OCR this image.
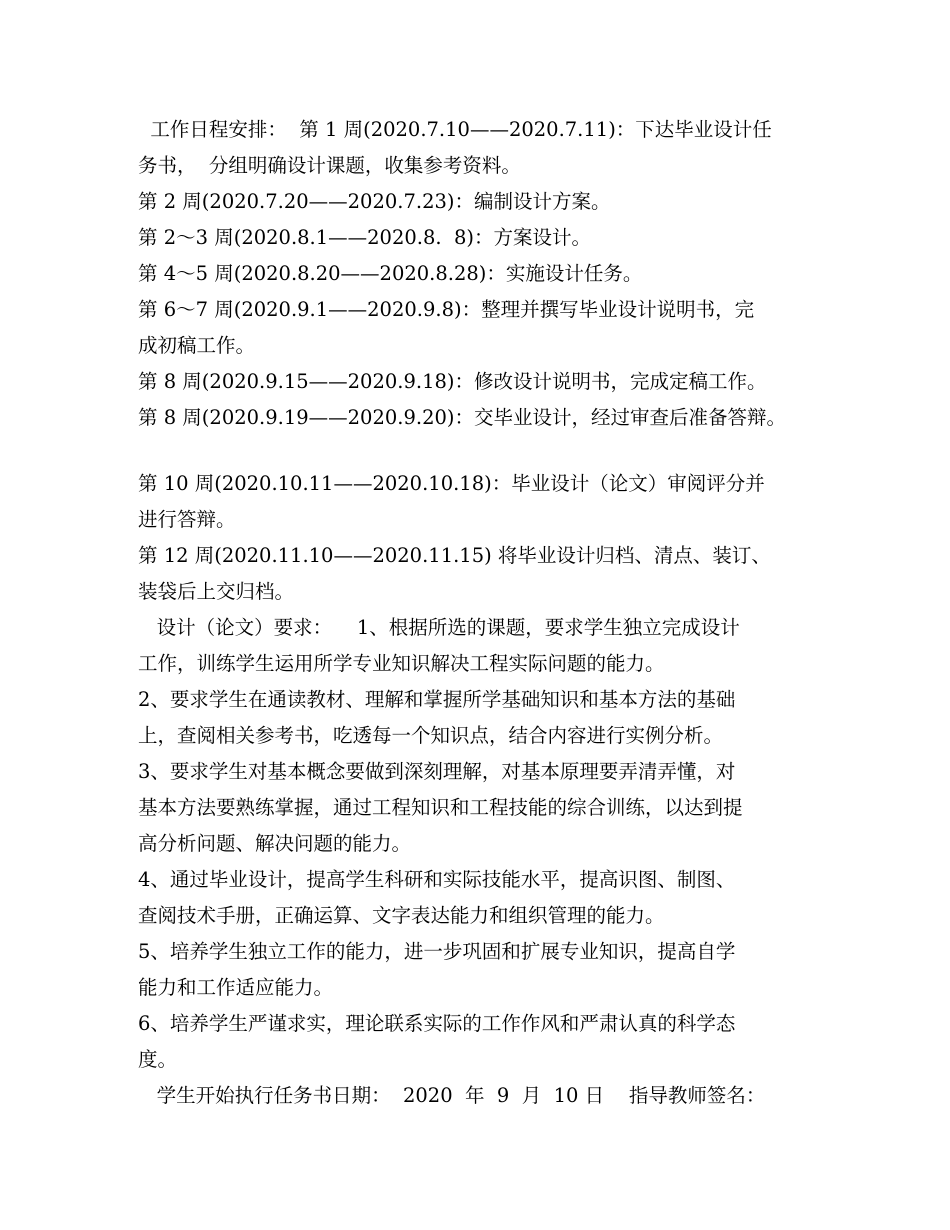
工作日程安排：  第 1 周(2020.7.10——2020.7.11)：下达毕业设计任
务书，  分组明确设计课题，收集参考资料。
第 2 周(2020.7.20——2020.7.23)：编制设计方案。
第 2～3 周(2020.8.1——2020.8.  8)：方案设计。
第 4～5 周(2020.8.20——2020.8.28)：实施设计任务。
第 6～7 周(2020.9.1——2020.9.8)：整理并撰写毕业设计说明书，完
成初稿工作。
第 8 周(2020.9.15——2020.9.18)：修改设计说明书，完成定稿工作。
第 8 周(2020.9.19——2020.9.20)：交毕业设计，经过审查后准备答辩。
第 10 周(2020.10.11——2020.10.18)：毕业设计（论文）审阅评分并
进行答辩。
第 12 周(2020.11.10——2020.11.15) 将毕业设计归档、清点、装订、
装袋后上交归档。
设计（论文）要求：    1、根据所选的课题，要求学生独立完成设计
工作，训练学生运用所学专业知识解决工程实际问题的能力。
2、要求学生在通读教材、理解和掌握所学基础知识和基本方法的基础
上，查阅相关参考书，吃透每一个知识点，结合内容进行实例分析。
3、要求学生对基本概念要做到深刻理解，对基本原理要弄清弄懂，对
基本方法要熟练掌握，通过工程知识和工程技能的综合训练，以达到提
高分析问题、解决问题的能力。
4、通过毕业设计，提高学生科研和实际技能水平，提高识图、制图、
查阅技术手册，正确运算、文字表达能力和组织管理的能力。
5、培养学生独立工作的能力，进一步巩固和扩展专业知识，提高自学
能力和工作适应能力。
6、培养学生严谨求实，理论联系实际的工作作风和严肃认真的科学态
度。
学生开始执行任务书日期：  2020  年  9  月  10 日    指导教师签名：
